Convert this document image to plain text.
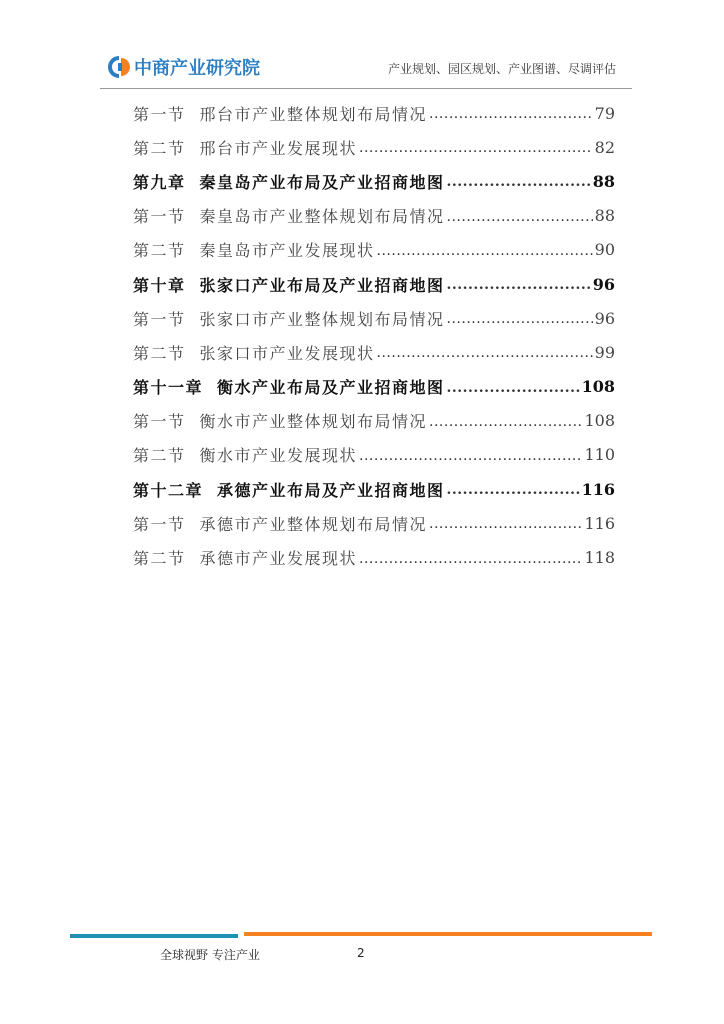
中商产业研究院	产业规划、园区规划、产业图谱、尽调评估
第一节 邢台市产业整体规划布局情况 .....	79
第二节 邢台市产业发展现状 .....	82
第九章 秦皇岛产业布局及产业招商地图 .....	88
第一节 秦皇岛市产业整体规划布局情况 .....	88
第二节 秦皇岛市产业发展现状 .....	90
第十章 张家口产业布局及产业招商地图 .....	96
第一节 张家口市产业整体规划布局情况 .....	96
第二节 张家口市产业发展现状 .....	99
第十一章 衡水产业布局及产业招商地图 .....	108
第一节 衡水市产业整体规划布局情况 .....	108
第二节 衡水市产业发展现状 .....	110
第十二章 承德产业布局及产业招商地图 .....	116
第一节 承德市产业整体规划布局情况 .....	116
第二节 承德市产业发展现状 .....	118
全球视野 专注产业	2
